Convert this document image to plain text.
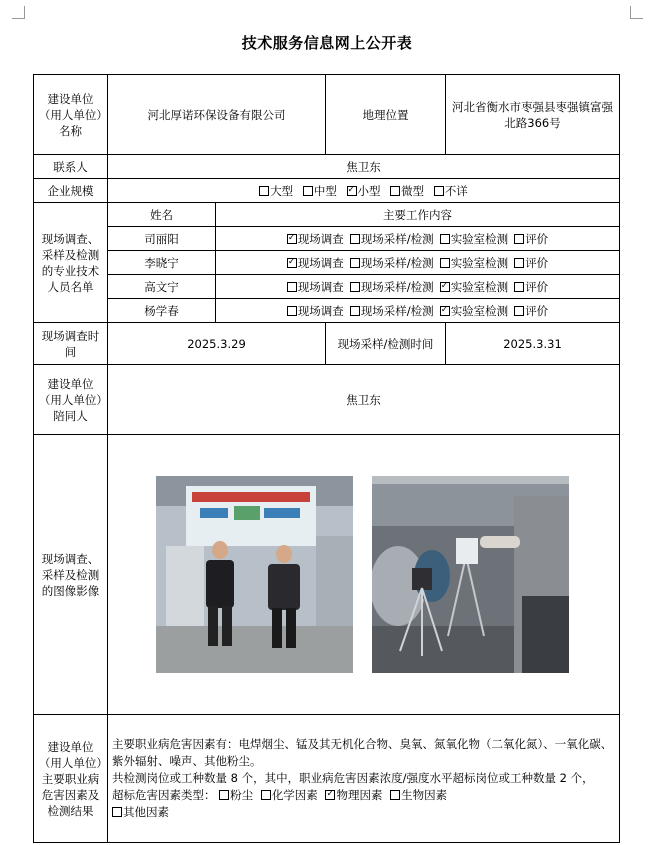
技术服务信息网上公开表
建设单位（用人单位）名称	河北厚诺环保设备有限公司		地理位置	河北省衡水市枣强县枣强镇富强北路366号
联系人	焦卫东			
企业规模	大型 中型 ✓ 小型 微型 不详
现场调查、采样及检测的专业技术人员名单	姓名	主要工作内容		
	司丽阳	✓现场调查 现场采样/检测 实验室检测 评价
	李晓宁	✓现场调查 现场采样/检测 实验室检测 评价
	高文宁	现场调查 现场采样/检测 ✓ 实验室检测 评价
	杨学春	现场调查 现场采样/检测 ✓ 实验室检测 评价
现场调查时间	2025.3.29		现场采样/检测时间	2025.3.31
建设单位（用人单位）陪同人	焦卫东			
现场调查、采样及检测的图像影像	

建设单位（用人单位）主要职业病危害因素及检测结果	主要职业病危害因素有：电焊烟尘、锰及其无机化合物、臭氧、氮氧化物（二氧化氮）、一氧化碳、紫外辐射、噪声、其他粉尘。
共检测岗位或工种数量 8 个，其中，职业病危害因素浓度/强度水平超标岗位或工种数量 2 个，
超标危害因素类型： 粉尘 化学因素 ✓ 物理因素 生物因素
其他因素
